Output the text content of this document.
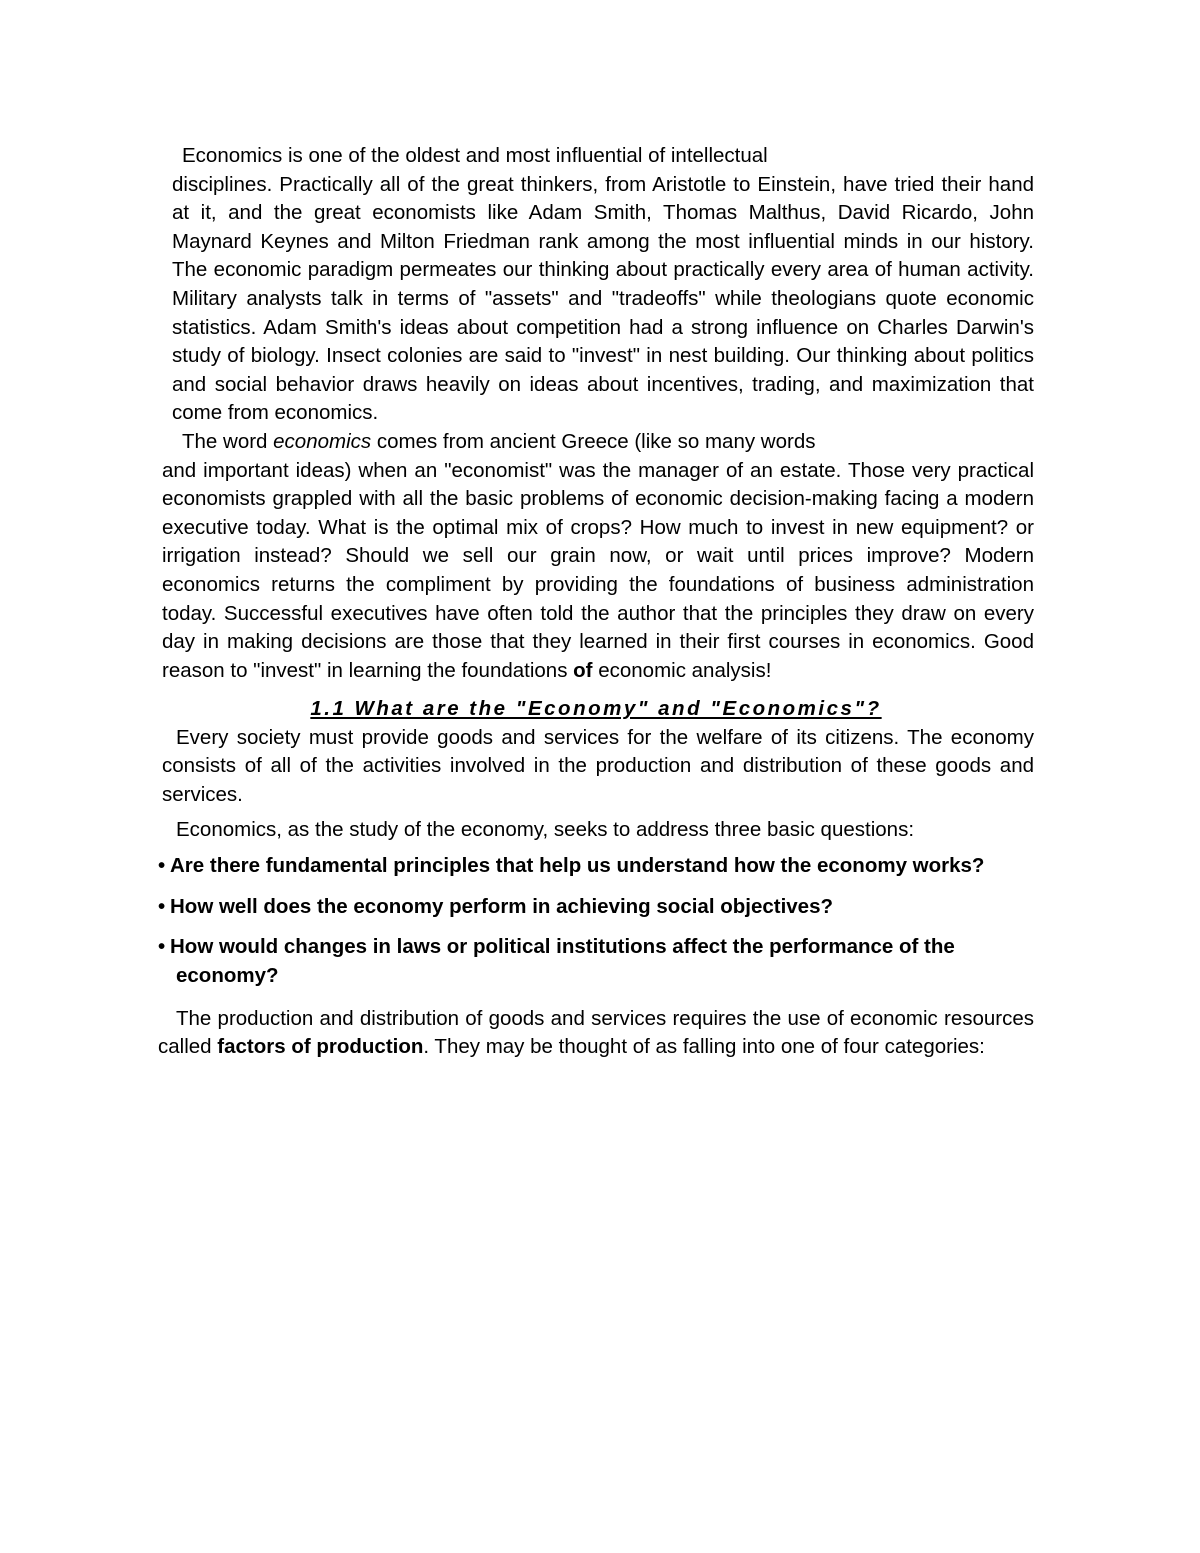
Economics is one of the oldest and most influential of intellectual
disciplines. Practically all of the great thinkers, from Aristotle to Einstein, have tried their hand at it, and the great economists like Adam Smith, Thomas Malthus, David Ricardo, John Maynard Keynes and Milton Friedman rank among the most influential minds in our history. The economic paradigm permeates our thinking about practically every area of human activity. Military analysts talk in terms of "assets" and "tradeoffs" while theologians quote economic statistics. Adam Smith's ideas about competition had a strong influence on Charles Darwin's study of biology. Insect colonies are said to "invest" in nest building. Our thinking about politics and social behavior draws heavily on ideas about incentives, trading, and maximization that come from economics.
The word economics comes from ancient Greece (like so many words
and important ideas) when an "economist" was the manager of an estate. Those very practical economists grappled with all the basic problems of economic decision-making facing a modern executive today. What is the optimal mix of crops? How much to invest in new equipment? or irrigation instead? Should we sell our grain now, or wait until prices improve? Modern economics returns the compliment by providing the foundations of business administration today. Successful executives have often told the author that the principles they draw on every day in making decisions are those that they learned in their first courses in economics. Good reason to "invest" in learning the foundations of economic analysis!
1.1 What are the "Economy" and "Economics"?
Every society must provide goods and services for the welfare of its citizens. The economy consists of all of the activities involved in the production and distribution of these goods and services.
Economics, as the study of the economy, seeks to address three basic questions:
• Are there fundamental principles that help us understand how the economy works?
• How well does the economy perform in achieving social objectives?
• How would changes in laws or political institutions affect the performance of the economy?
The production and distribution of goods and services requires the use of economic resources called factors of production. They may be thought of as falling into one of four categories:
